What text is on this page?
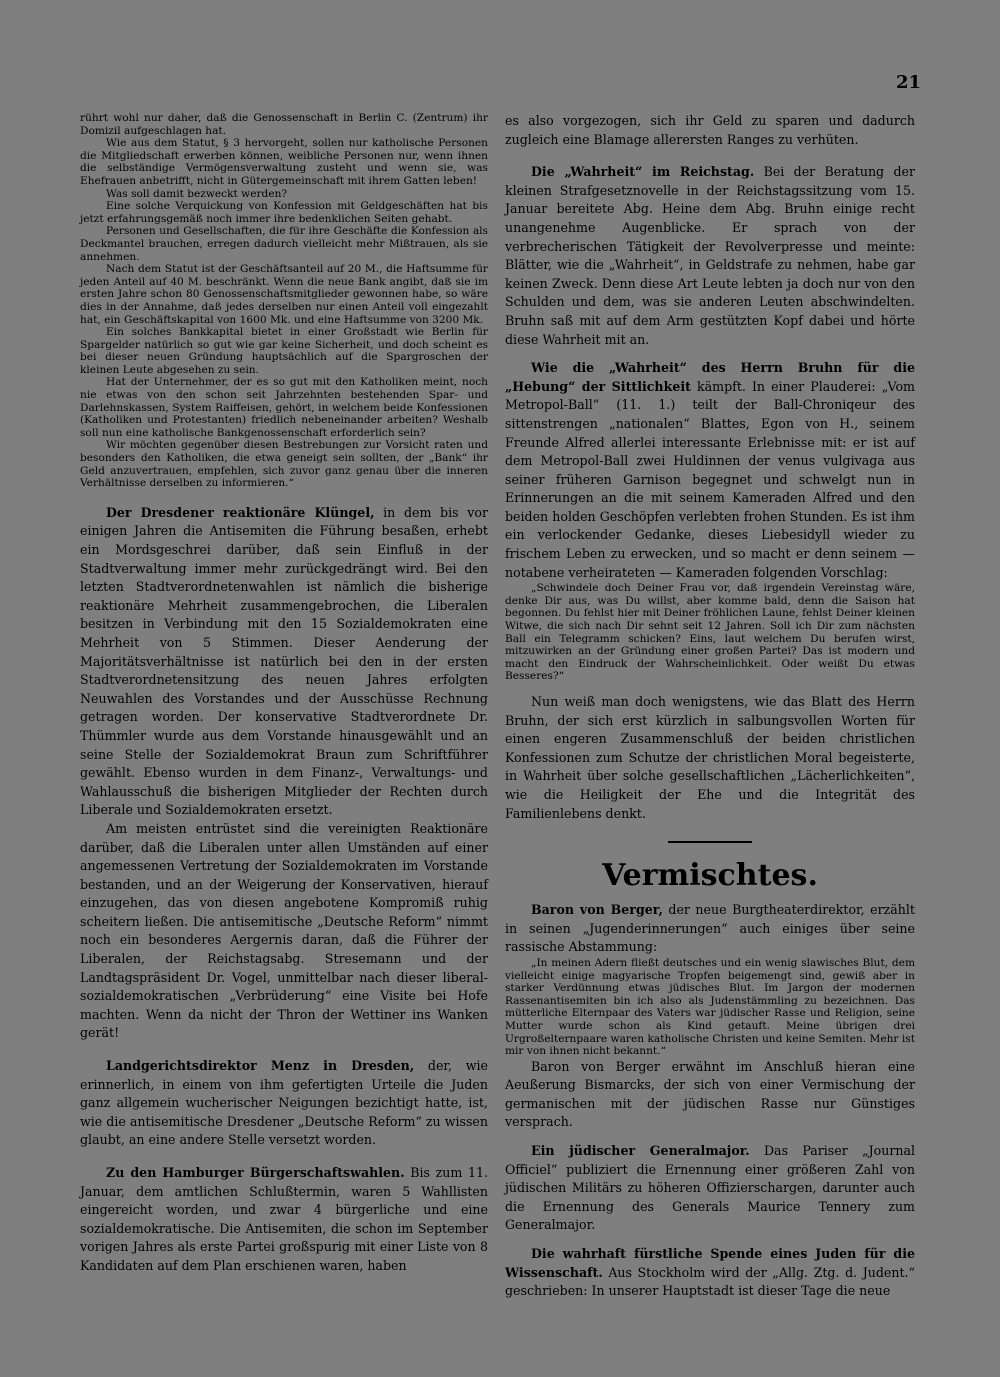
21

rührt wohl nur daher, daß die Genossenschaft in Berlin C. (Zentrum) ihr Domizil aufgeschlagen hat.

Wie aus dem Statut, § 3 hervorgeht, sollen nur katholische Personen die Mitgliedschaft erwerben können, weibliche Personen nur, wenn ihnen die selbständige Vermögensverwaltung zusteht und wenn sie, was Ehefrauen anbetrifft, nicht in Gütergemeinschaft mit ihrem Gatten leben!

Was soll damit bezweckt werden?

Eine solche Verquickung von Konfession mit Geldgeschäften hat bis jetzt erfahrungsgemäß noch immer ihre bedenklichen Seiten gehabt.

Personen und Gesellschaften, die für ihre Geschäfte die Konfession als Deckmantel brauchen, erregen dadurch vielleicht mehr Mißtrauen, als sie annehmen.

Nach dem Statut ist der Geschäftsanteil auf 20 M., die Haftsumme für jeden Anteil auf 40 M. beschränkt. Wenn die neue Bank angibt, daß sie im ersten Jahre schon 80 Genossenschaftsmitglieder gewonnen habe, so wäre dies in der Annahme, daß jedes derselben nur einen Anteil voll eingezahlt hat, ein Geschäftskapital von 1600 Mk. und eine Haftsumme von 3200 Mk.

Ein solches Bankkapital bietet in einer Großstadt wie Berlin für Spargelder natürlich so gut wie gar keine Sicherheit, und doch scheint es bei dieser neuen Gründung hauptsächlich auf die Spargroschen der kleinen Leute abgesehen zu sein.

Hat der Unternehmer, der es so gut mit den Katholiken meint, noch nie etwas von den schon seit Jahrzehnten bestehenden Spar- und Darlehnskassen, System Raiffeisen, gehört, in welchem beide Konfessionen (Katholiken und Protestanten) friedlich nebeneinander arbeiten? Weshalb soll nun eine katholische Bankgenossenschaft erforderlich sein?

Wir möchten gegenüber diesen Bestrebungen zur Vorsicht raten und besonders den Katholiken, die etwa geneigt sein sollten, der „Bank“ ihr Geld anzuvertrauen, empfehlen, sich zuvor ganz genau über die inneren Verhältnisse derselben zu informieren.“

Der Dresdener reaktionäre Klüngel, in dem bis vor einigen Jahren die Antisemiten die Führung besaßen, erhebt ein Mordsgeschrei darüber, daß sein Einfluß in der Stadtverwaltung immer mehr zurückgedrängt wird. Bei den letzten Stadtverordnetenwahlen ist nämlich die bisherige reaktionäre Mehrheit zusammengebrochen, die Liberalen besitzen in Verbindung mit den 15 Sozialdemokraten eine Mehrheit von 5 Stimmen. Dieser Aenderung der Majoritätsverhältnisse ist natürlich bei den in der ersten Stadtverordnetensitzung des neuen Jahres erfolgten Neuwahlen des Vorstandes und der Ausschüsse Rechnung getragen worden. Der konservative Stadtverordnete Dr. Thümmler wurde aus dem Vorstande hinausgewählt und an seine Stelle der Sozialdemokrat Braun zum Schriftführer gewählt. Ebenso wurden in dem Finanz-, Verwaltungs- und Wahlausschuß die bisherigen Mitglieder der Rechten durch Liberale und Sozialdemokraten ersetzt.

Am meisten entrüstet sind die vereinigten Reaktionäre darüber, daß die Liberalen unter allen Umständen auf einer angemessenen Vertretung der Sozialdemokraten im Vorstande bestanden, und an der Weigerung der Konservativen, hierauf einzugehen, das von diesen angebotene Kompromiß ruhig scheitern ließen. Die antisemitische „Deutsche Reform“ nimmt noch ein besonderes Aergernis daran, daß die Führer der Liberalen, der Reichstagsabg. Stresemann und der Landtagspräsident Dr. Vogel, unmittelbar nach dieser liberal-sozialdemokratischen „Verbrüderung“ eine Visite bei Hofe machten. Wenn da nicht der Thron der Wettiner ins Wanken gerät!

Landgerichtsdirektor Menz in Dresden, der, wie erinnerlich, in einem von ihm gefertigten Urteile die Juden ganz allgemein wucherischer Neigungen bezichtigt hatte, ist, wie die antisemitische Dresdener „Deutsche Reform“ zu wissen glaubt, an eine andere Stelle versetzt worden.

Zu den Hamburger Bürgerschaftswahlen. Bis zum 11. Januar, dem amtlichen Schlußtermin, waren 5 Wahllisten eingereicht worden, und zwar 4 bürgerliche und eine sozialdemokratische. Die Antisemiten, die schon im September vorigen Jahres als erste Partei großspurig mit einer Liste von 8 Kandidaten auf dem Plan erschienen waren, haben

es also vorgezogen, sich ihr Geld zu sparen und dadurch zugleich eine Blamage allerersten Ranges zu verhüten.

Die „Wahrheit“ im Reichstag. Bei der Beratung der kleinen Strafgesetznovelle in der Reichstagssitzung vom 15. Januar bereitete Abg. Heine dem Abg. Bruhn einige recht unangenehme Augenblicke. Er sprach von der verbrecherischen Tätigkeit der Revolverpresse und meinte: Blätter, wie die „Wahrheit“, in Geldstrafe zu nehmen, habe gar keinen Zweck. Denn diese Art Leute lebten ja doch nur von den Schulden und dem, was sie anderen Leuten abschwindelten. Bruhn saß mit auf dem Arm gestützten Kopf dabei und hörte diese Wahrheit mit an.

Wie die „Wahrheit“ des Herrn Bruhn für die „Hebung“ der Sittlichkeit kämpft. In einer Plauderei: „Vom Metropol-Ball“ (11. 1.) teilt der Ball-Chroniqeur des sittenstrengen „nationalen“ Blattes, Egon von H., seinem Freunde Alfred allerlei interessante Erlebnisse mit: er ist auf dem Metropol-Ball zwei Huldinnen der venus vulgivaga aus seiner früheren Garnison begegnet und schwelgt nun in Erinnerungen an die mit seinem Kameraden Alfred und den beiden holden Geschöpfen verlebten frohen Stunden. Es ist ihm ein verlockender Gedanke, dieses Liebesidyll wieder zu frischem Leben zu erwecken, und so macht er denn seinem — notabene verheirateten — Kameraden folgenden Vorschlag:

„Schwindele doch Deiner Frau vor, daß irgendein Vereinstag wäre, denke Dir aus, was Du willst, aber komme bald, denn die Saison hat begonnen. Du fehlst hier mit Deiner fröhlichen Laune, fehlst Deiner kleinen Witwe, die sich nach Dir sehnt seit 12 Jahren. Soll ich Dir zum nächsten Ball ein Telegramm schicken? Eins, laut welchem Du berufen wirst, mitzuwirken an der Gründung einer großen Partei? Das ist modern und macht den Eindruck der Wahrscheinlichkeit. Oder weißt Du etwas Besseres?“

Nun weiß man doch wenigstens, wie das Blatt des Herrn Bruhn, der sich erst kürzlich in salbungsvollen Worten für einen engeren Zusammenschluß der beiden christlichen Konfessionen zum Schutze der christlichen Moral begeisterte, in Wahrheit über solche gesellschaftlichen „Lächerlichkeiten“, wie die Heiligkeit der Ehe und die Integrität des Familienlebens denkt.

Vermischtes.

Baron von Berger, der neue Burgtheaterdirektor, erzählt in seinen „Jugenderinnerungen“ auch einiges über seine rassische Abstammung:

„In meinen Adern fließt deutsches und ein wenig slawisches Blut, dem vielleicht einige magyarische Tropfen beigemengt sind, gewiß aber in starker Verdünnung etwas jüdisches Blut. Im Jargon der modernen Rassenantisemiten bin ich also als Judenstämmling zu bezeichnen. Das mütterliche Elternpaar des Vaters war jüdischer Rasse und Religion, seine Mutter wurde schon als Kind getauft. Meine übrigen drei Urgroßelternpaare waren katholische Christen und keine Semiten. Mehr ist mir von ihnen nicht bekannt.“

Baron von Berger erwähnt im Anschluß hieran eine Aeußerung Bismarcks, der sich von einer Vermischung der germanischen mit der jüdischen Rasse nur Günstiges versprach.

Ein jüdischer Generalmajor. Das Pariser „Journal Officiel“ publiziert die Ernennung einer größeren Zahl von jüdischen Militärs zu höheren Offizierschargen, darunter auch die Ernennung des Generals Maurice Tennery zum Generalmajor.

Die wahrhaft fürstliche Spende eines Juden für die Wissenschaft. Aus Stockholm wird der „Allg. Ztg. d. Judent.“ geschrieben: In unserer Hauptstadt ist dieser Tage die neue
